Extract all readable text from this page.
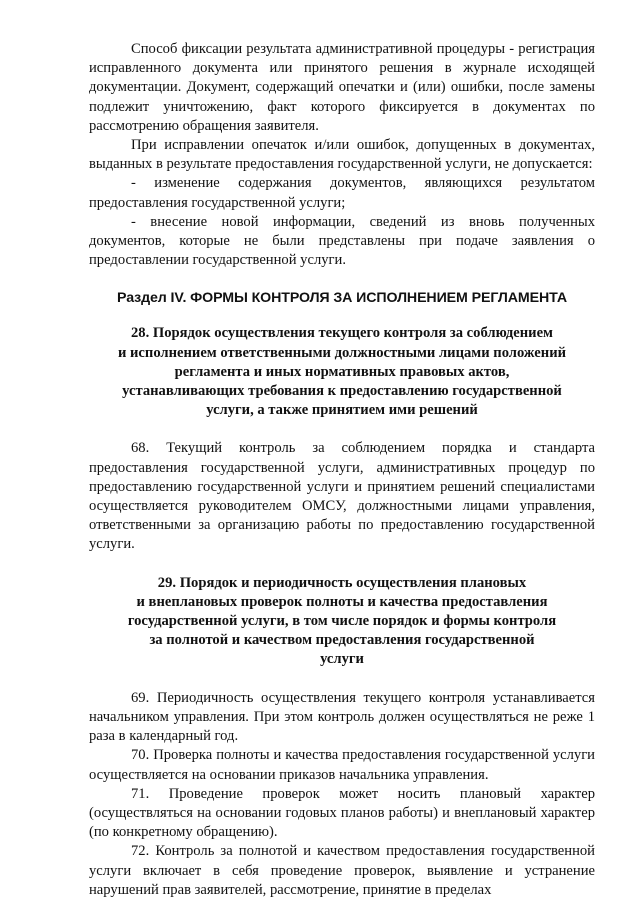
Способ фиксации результата административной процедуры - регистрация исправленного документа или принятого решения в журнале исходящей документации. Документ, содержащий опечатки и (или) ошибки, после замены подлежит уничтожению, факт которого фиксируется в документах по рассмотрению обращения заявителя.

При исправлении опечаток и/или ошибок, допущенных в документах, выданных в результате предоставления государственной услуги, не допускается:

- изменение содержания документов, являющихся результатом предоставления государственной услуги;

- внесение новой информации, сведений из вновь полученных документов, которые не были представлены при подаче заявления о предоставлении государственной услуги.

Раздел IV. ФОРМЫ КОНТРОЛЯ ЗА ИСПОЛНЕНИЕМ РЕГЛАМЕНТА
28. Порядок осуществления текущего контроля за соблюдением
и исполнением ответственными должностными лицами положений
регламента и иных нормативных правовых актов,
устанавливающих требования к предоставлению государственной
услуги, а также принятием ими решений

68. Текущий контроль за соблюдением порядка и стандарта предоставления государственной услуги, административных процедур по предоставлению государственной услуги и принятием решений специалистами осуществляется руководителем ОМСУ, должностными лицами управления, ответственными за организацию работы по предоставлению государственной услуги.

29. Порядок и периодичность осуществления плановых
и внеплановых проверок полноты и качества предоставления
государственной услуги, в том числе порядок и формы контроля
за полнотой и качеством предоставления государственной
услуги

69. Периодичность осуществления текущего контроля устанавливается начальником управления. При этом контроль должен осуществляться не реже 1 раза в календарный год.

70. Проверка полноты и качества предоставления государственной услуги осуществляется на основании приказов начальника управления.

71. Проведение проверок может носить плановый характер (осуществляться на основании годовых планов работы) и внеплановый характер (по конкретному обращению).

72. Контроль за полнотой и качеством предоставления государственной услуги включает в себя проведение проверок, выявление и устранение нарушений прав заявителей, рассмотрение, принятие в пределах
